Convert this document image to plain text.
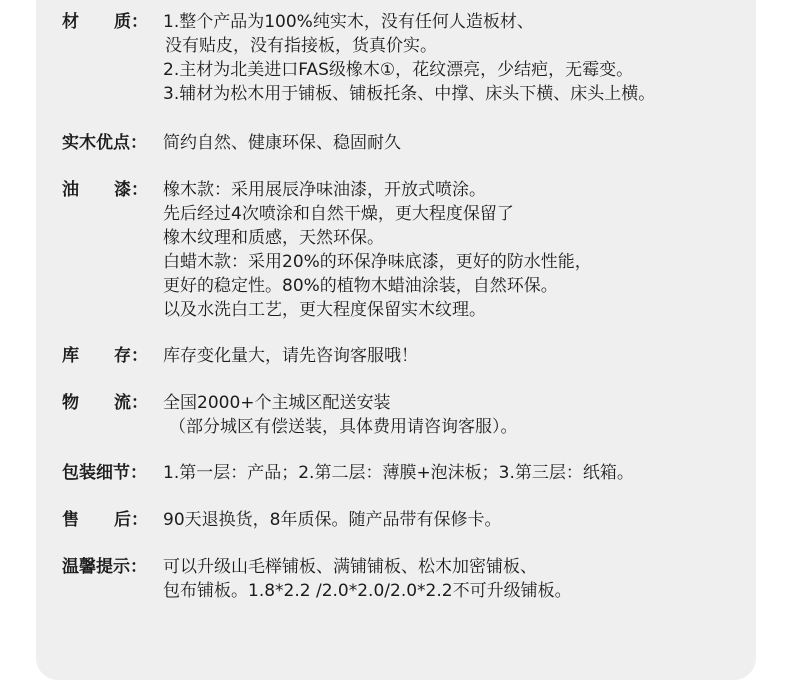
材 质： 1.整个产品为100%纯实木，没有任何人造板材、
没有贴皮，没有指接板，货真价实。
2.主材为北美进口FAS级橡木①，花纹漂亮，少结疤，无霉变。
3.辅材为松木用于铺板、铺板托条、中撑、床头下横、床头上横。
实木优点： 简约自然、健康环保、稳固耐久
油 漆： 橡木款：采用展辰净味油漆，开放式喷涂。
先后经过4次喷涂和自然干燥，更大程度保留了
橡木纹理和质感，天然环保。
白蜡木款：采用20%的环保净味底漆，更好的防水性能，
更好的稳定性。80%的植物木蜡油涂装，自然环保。
以及水洗白工艺，更大程度保留实木纹理。
库 存： 库存变化量大，请先咨询客服哦！
物 流： 全国2000+个主城区配送安装
（部分城区有偿送装，具体费用请咨询客服）。
包装细节： 1.第一层：产品；2.第二层：薄膜+泡沫板；3.第三层：纸箱。
售 后： 90天退换货，8年质保。随产品带有保修卡。
温馨提示： 可以升级山毛榉铺板、满铺铺板、松木加密铺板、
包布铺板。1.8*2.2 /2.0*2.0/2.0*2.2不可升级铺板。
